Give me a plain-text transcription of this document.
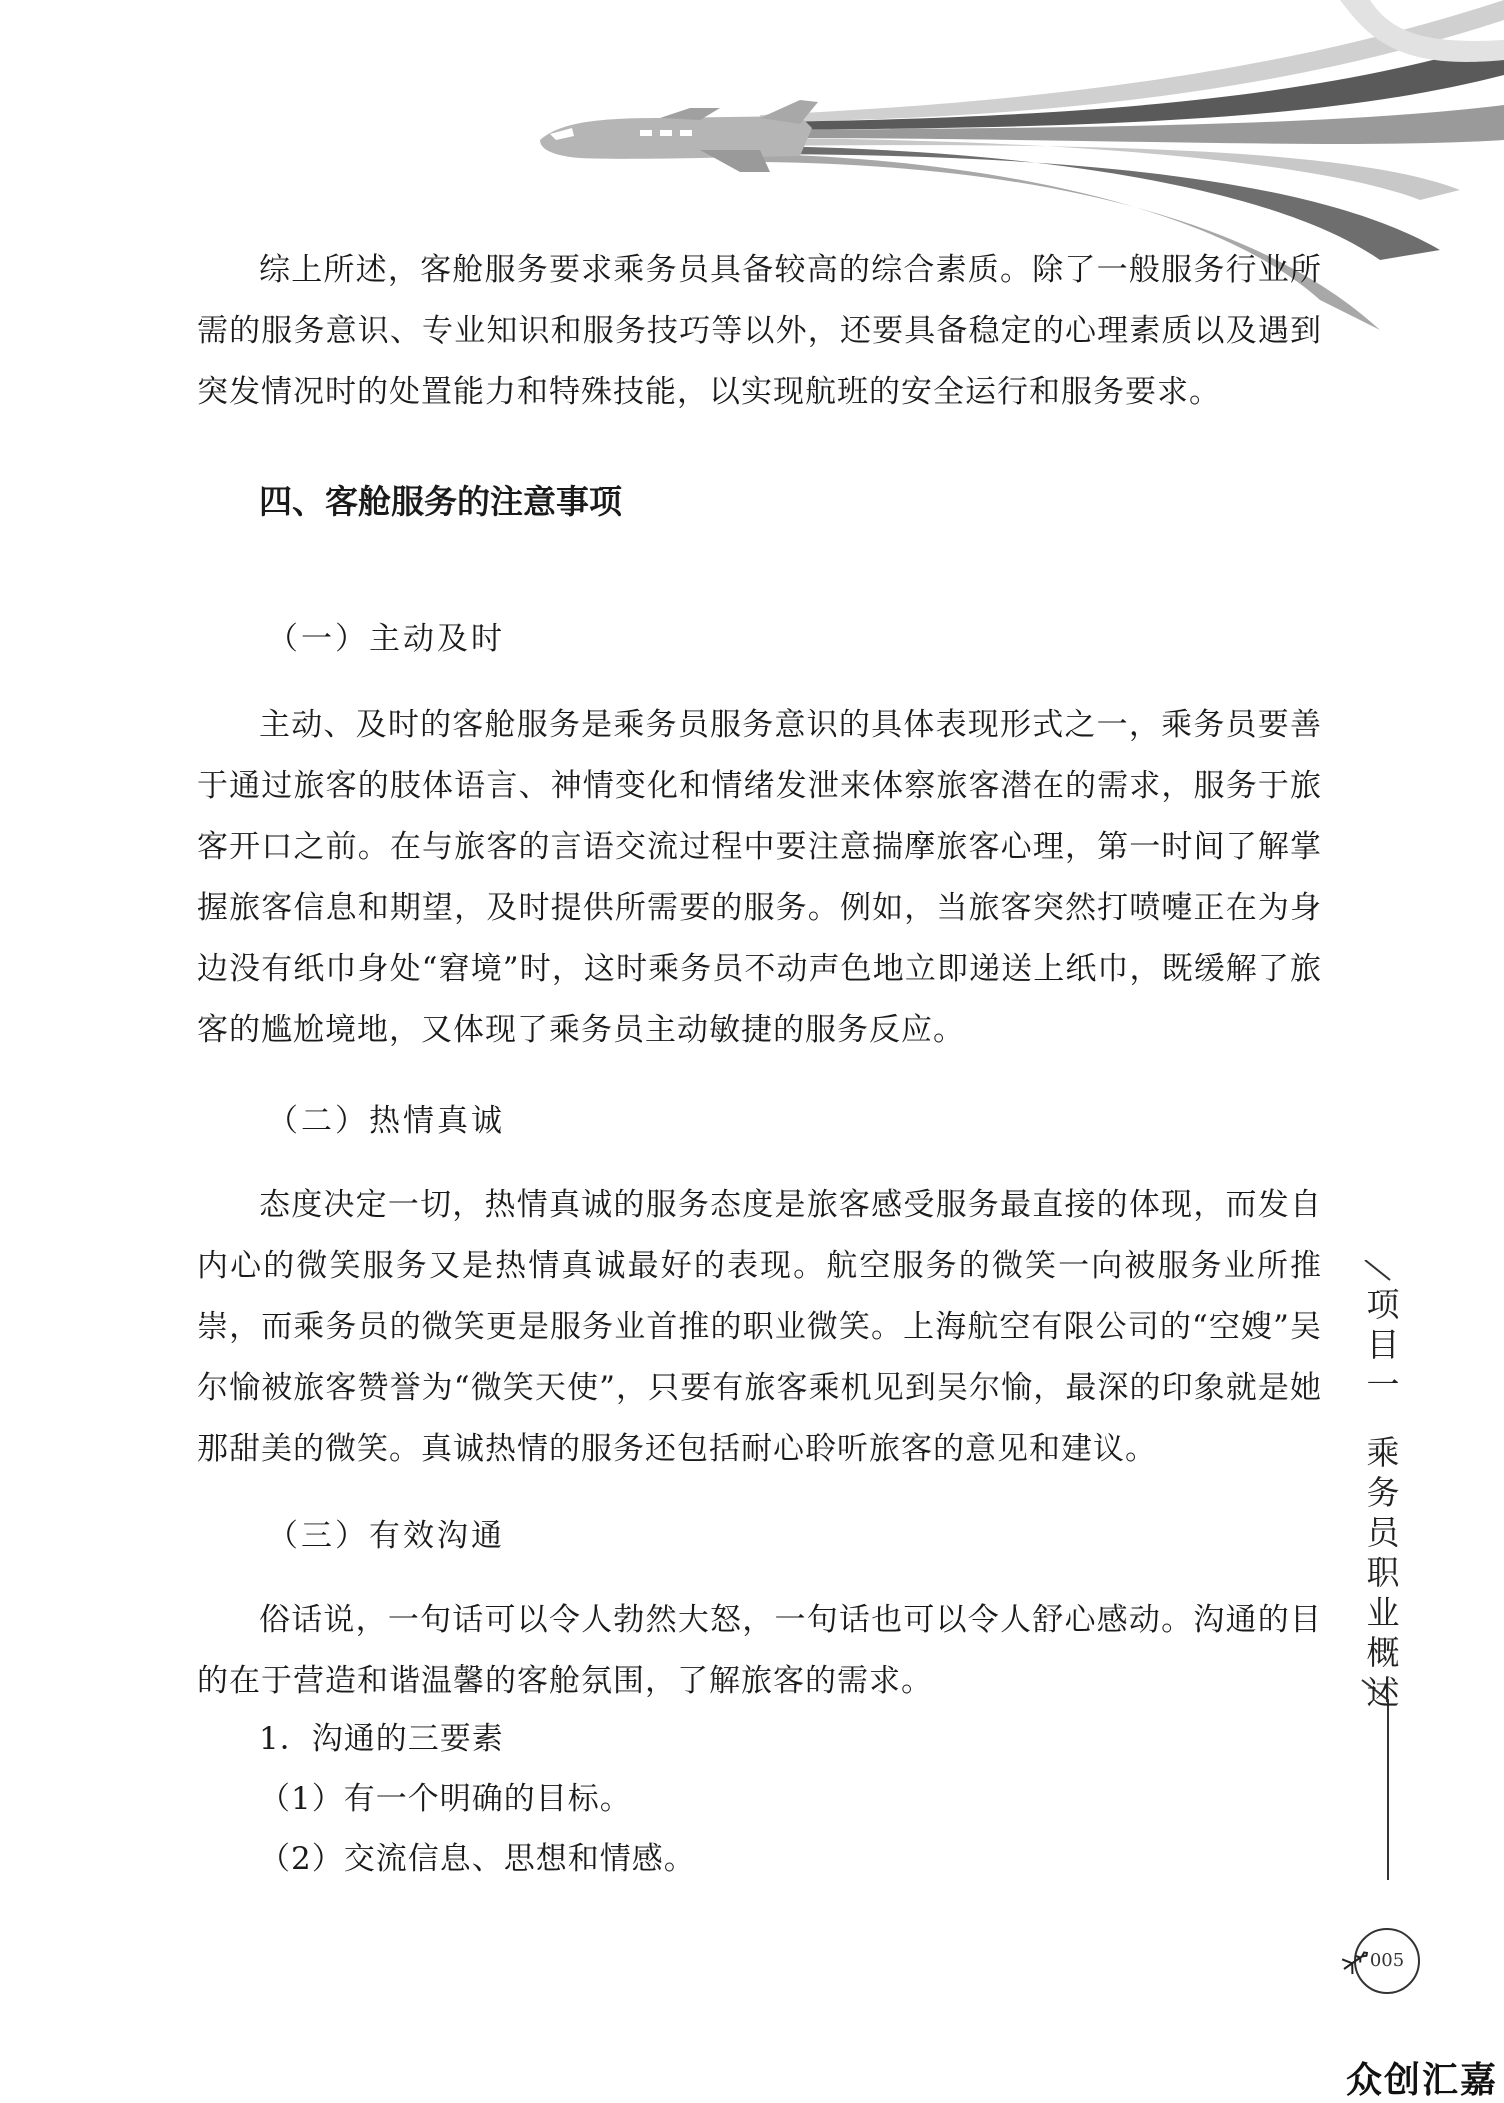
综上所述，客舱服务要求乘务员具备较高的综合素质。除了一般服务行业所需的服务意识、专业知识和服务技巧等以外，还要具备稳定的心理素质以及遇到突发情况时的处置能力和特殊技能，以实现航班的安全运行和服务要求。

四、客舱服务的注意事项

（一）主动及时

主动、及时的客舱服务是乘务员服务意识的具体表现形式之一，乘务员要善于通过旅客的肢体语言、神情变化和情绪发泄来体察旅客潜在的需求，服务于旅客开口之前。在与旅客的言语交流过程中要注意揣摩旅客心理，第一时间了解掌握旅客信息和期望，及时提供所需要的服务。例如，当旅客突然打喷嚏正在为身边没有纸巾身处“窘境”时，这时乘务员不动声色地立即递送上纸巾，既缓解了旅客的尴尬境地，又体现了乘务员主动敏捷的服务反应。

（二）热情真诚

态度决定一切，热情真诚的服务态度是旅客感受服务最直接的体现，而发自内心的微笑服务又是热情真诚最好的表现。航空服务的微笑一向被服务业所推崇，而乘务员的微笑更是服务业首推的职业微笑。上海航空有限公司的“空嫂”吴尔愉被旅客赞誉为“微笑天使”，只要有旅客乘机见到吴尔愉，最深的印象就是她那甜美的微笑。真诚热情的服务还包括耐心聆听旅客的意见和建议。

（三）有效沟通

俗话说，一句话可以令人勃然大怒，一句话也可以令人舒心感动。沟通的目的在于营造和谐温馨的客舱氛围，了解旅客的需求。

1．沟通的三要素

（1）有一个明确的目标。

（2）交流信息、思想和情感。

项
目
一
乘
务
员
职
业
概
述
005
众创汇嘉
